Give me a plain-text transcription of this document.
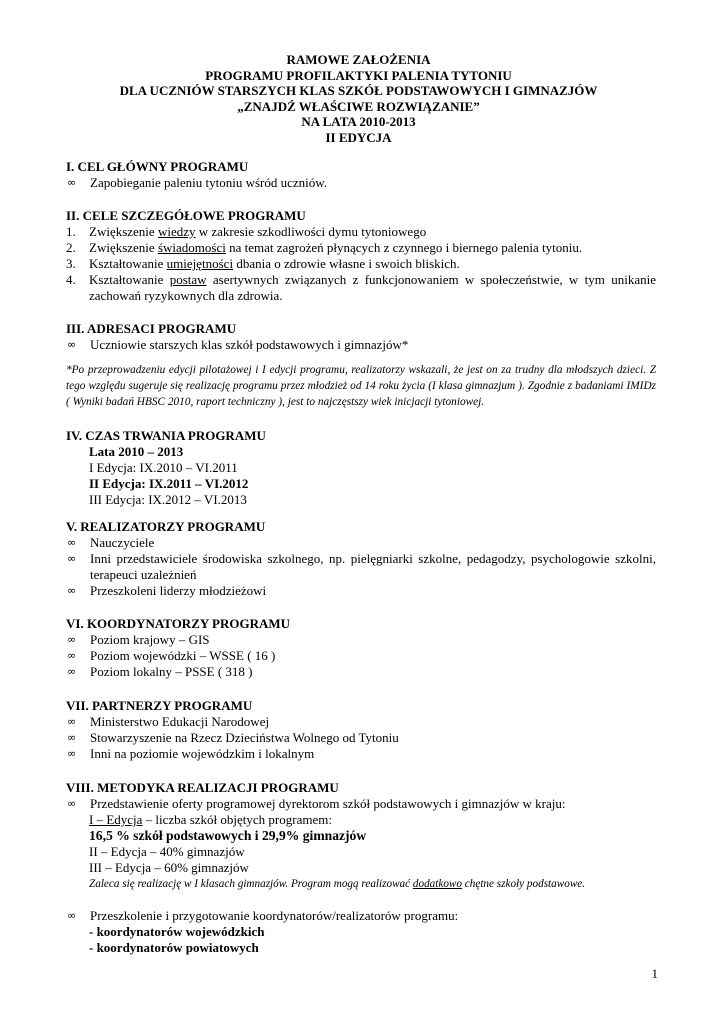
RAMOWE ZAŁOŻENIA
PROGRAMU PROFILAKTYKI PALENIA TYTONIU
DLA UCZNIÓW STARSZYCH KLAS SZKÓŁ PODSTAWOWYCH I GIMNAZJÓW
„ZNAJDŹ WŁAŚCIWE ROZWIĄZANIE”
NA LATA 2010-2013
II EDYCJA
I. CEL GŁÓWNY PROGRAMU
∞	Zapobieganie paleniu tytoniu wśród uczniów.
II. CELE SZCZEGÓŁOWE PROGRAMU
1.	Zwiększenie wiedzy w zakresie szkodliwości dymu tytoniowego
2.	Zwiększenie świadomości na temat zagrożeń płynących z czynnego i biernego palenia tytoniu.
3.	Kształtowanie umiejętności dbania o zdrowie własne i swoich bliskich.
4.	Kształtowanie postaw asertywnych związanych z funkcjonowaniem w społeczeństwie, w tym unikanie zachowań ryzykownych dla zdrowia.
III. ADRESACI PROGRAMU
∞	Uczniowie starszych klas szkół podstawowych i gimnazjów*
*Po przeprowadzeniu edycji pilotażowej i I edycji programu, realizatorzy wskazali, że jest on za trudny dla młodszych dzieci. Z tego względu sugeruje się realizację programu przez młodzież od 14 roku życia (I klasa gimnazjum ). Zgodnie z badaniami IMIDz ( Wyniki badań HBSC 2010, raport techniczny ), jest to najczęstszy wiek inicjacji tytoniowej.
IV. CZAS TRWANIA PROGRAMU
Lata 2010 – 2013
I Edycja: IX.2010 – VI.2011
II Edycja: IX.2011 – VI.2012
III Edycja: IX.2012 – VI.2013
V. REALIZATORZY PROGRAMU
∞	Nauczyciele
∞	Inni przedstawiciele środowiska szkolnego, np. pielęgniarki szkolne, pedagodzy, psychologowie szkolni, terapeuci uzależnień
∞	Przeszkoleni liderzy młodzieżowi
VI. KOORDYNATORZY PROGRAMU
∞	Poziom krajowy – GIS
∞	Poziom wojewódzki – WSSE ( 16 )
∞	Poziom lokalny – PSSE ( 318 )
VII. PARTNERZY PROGRAMU
∞	Ministerstwo Edukacji Narodowej
∞	Stowarzyszenie na Rzecz Dzieciństwa Wolnego od Tytoniu
∞	Inni na poziomie wojewódzkim i lokalnym
VIII. METODYKA REALIZACJI PROGRAMU
∞	Przedstawienie oferty programowej dyrektorom szkół podstawowych i gimnazjów w kraju:
I – Edycja – liczba szkół objętych programem:
16,5 % szkół podstawowych i 29,9% gimnazjów
II – Edycja – 40% gimnazjów
III – Edycja – 60% gimnazjów
Zaleca się realizację w I klasach gimnazjów. Program mogą realizować dodatkowo chętne szkoły podstawowe.
∞	Przeszkolenie i przygotowanie koordynatorów/realizatorów programu:
- koordynatorów wojewódzkich
- koordynatorów powiatowych
1
